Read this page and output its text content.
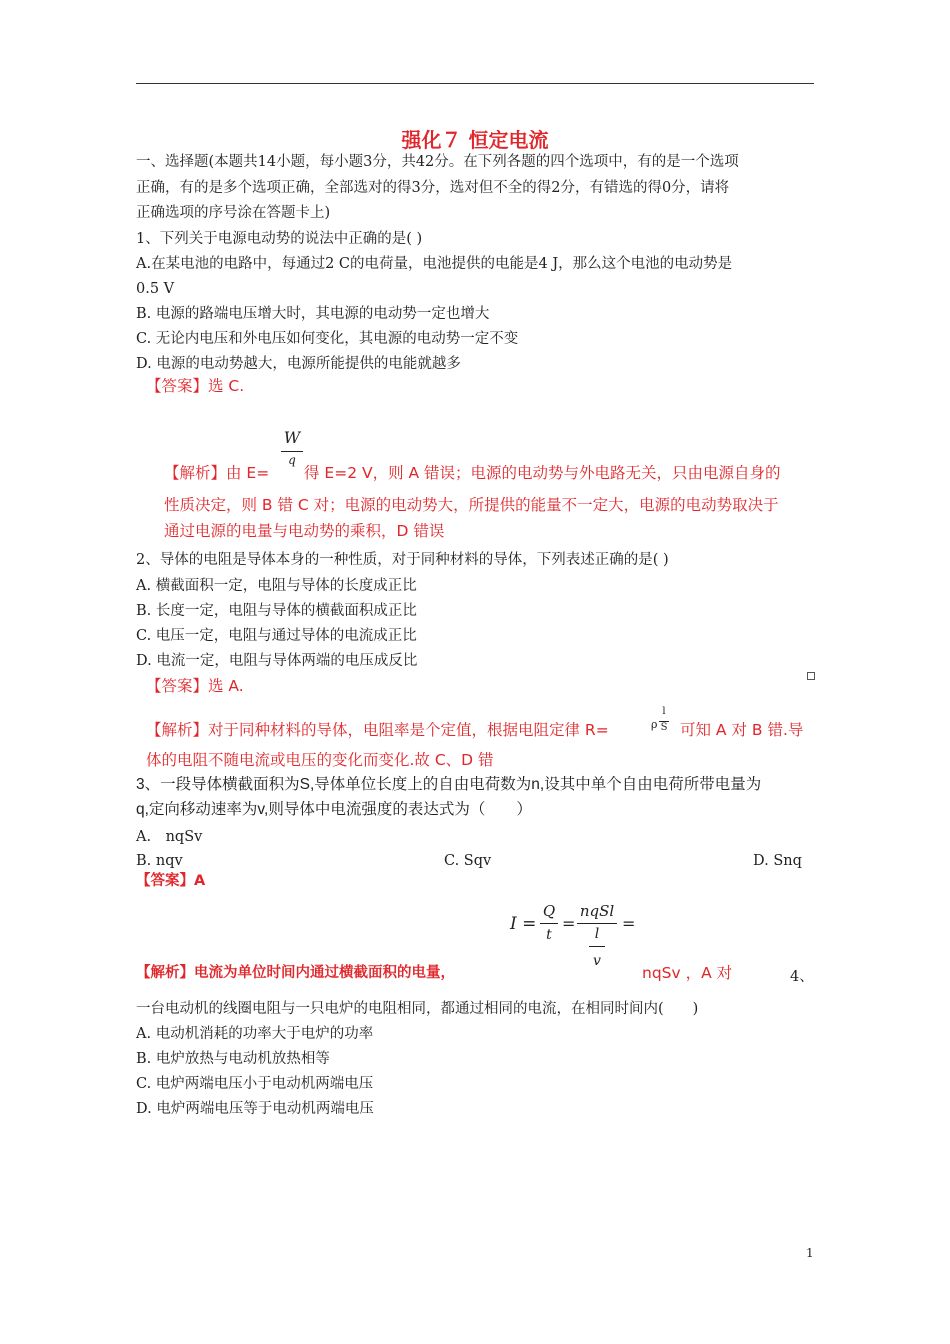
强化７ 恒定电流
一、选择题(本题共14小题，每小题3分，共42分。在下列各题的四个选项中，有的是一个选项
正确，有的是多个选项正确，全部选对的得3分，选对但不全的得2分，有错选的得0分，请将
正确选项的序号涂在答题卡上)
1、下列关于电源电动势的说法中正确的是( )
A.在某电池的电路中，每通过2 C的电荷量，电池提供的电能是4 J，那么这个电池的电动势是
0.5 V
B. 电源的路端电压增大时，其电源的电动势一定也增大
C. 无论内电压和外电压如何变化，其电源的电动势一定不变
D. 电源的电动势越大，电源所能提供的电能就越多
【答案】选 C.
W
q
【解析】由 E= 得 E=2 V，则 A 错误；电源的电动势与外电路无关，只由电源自身的
性质决定，则 B 错 C 对；电源的电动势大，所提供的能量不一定大，电源的电动势取决于
通过电源的电量与电动势的乘积，D 错误
2、导体的电阻是导体本身的一种性质，对于同种材料的导体，下列表述正确的是( )
A. 横截面积一定，电阻与导体的长度成正比
B. 长度一定，电阻与导体的横截面积成正比
C. 电压一定，电阻与通过导体的电流成正比
D. 电流一定，电阻与导体两端的电压成反比
【答案】选 A.
【解析】对于同种材料的导体，电阻率是个定值，根据电阻定律 R=	ρ
l
S 可知 A 对 B 错.导
体的电阻不随电流或电压的变化而变化.故 C、D 错
3、一段导体横截面积为S,导体单位长度上的自由电荷数为n,设其中单个自由电荷所带电量为
q,定向移动速率为v,则导体中电流强度的表达式为（　　）
A.　nqSv
B. nqv	C. Sqv	D. Snq
【答案】A
I =
Q
t
=
nqSl
l
v
=
【解析】电流为单位时间内通过横截面积的电量，	nqSv ，A 对	4、
一台电动机的线圈电阻与一只电炉的电阻相同，都通过相同的电流，在相同时间内(　　)
A. 电动机消耗的功率大于电炉的功率
B. 电炉放热与电动机放热相等
C. 电炉两端电压小于电动机两端电压
D. 电炉两端电压等于电动机两端电压
1
